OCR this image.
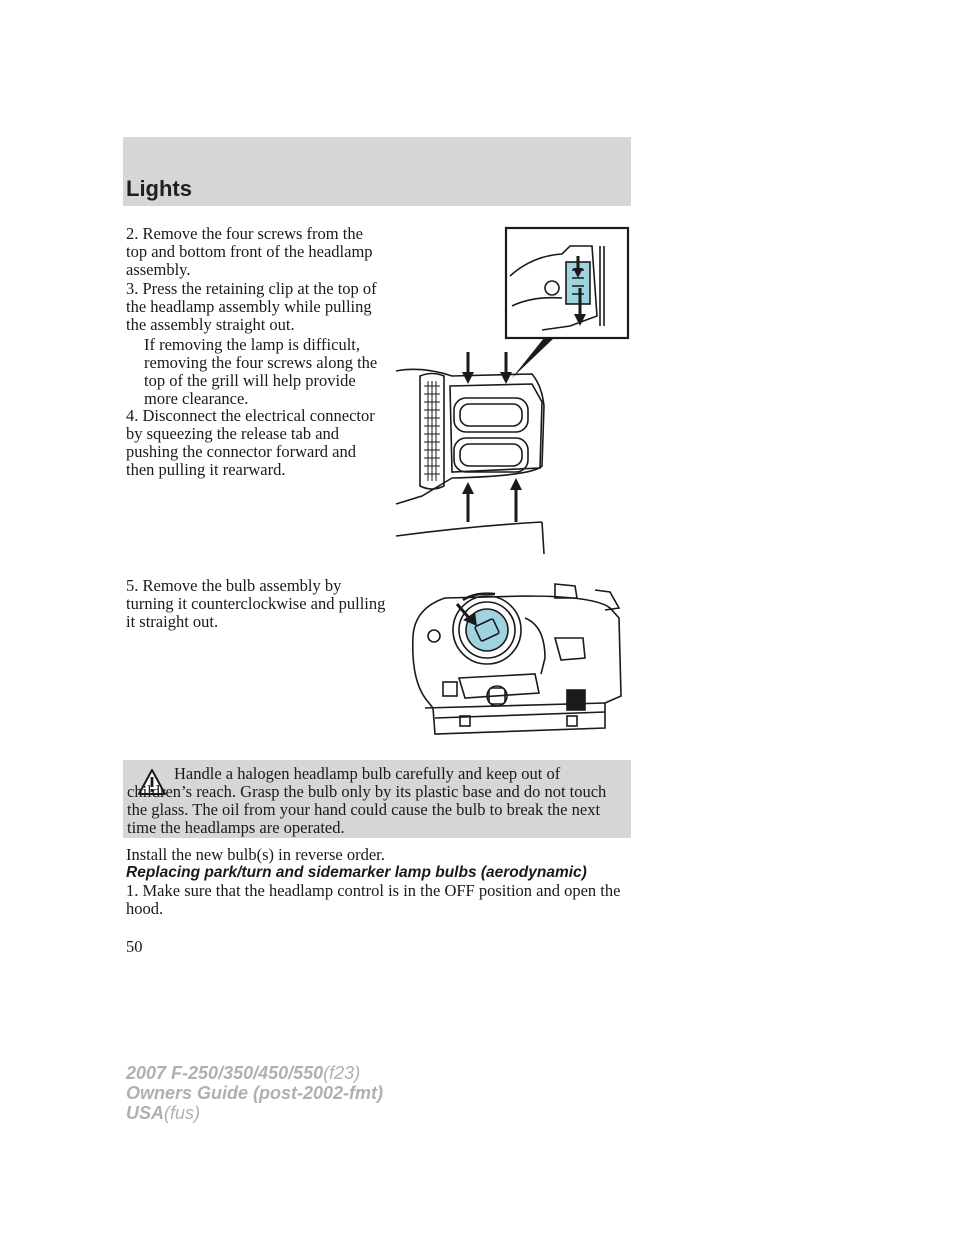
Lights
2. Remove the four screws from the top and bottom front of the headlamp assembly.
3. Press the retaining clip at the top of the headlamp assembly while pulling the assembly straight out.
If removing the lamp is difficult, removing the four screws along the top of the grill will help provide more clearance.
4. Disconnect the electrical connector by squeezing the release tab and pushing the connector forward and then pulling it rearward.
5. Remove the bulb assembly by turning it counterclockwise and pulling it straight out.
Handle a halogen headlamp bulb carefully and keep out of children’s reach. Grasp the bulb only by its plastic base and do not touch the glass. The oil from your hand could cause the bulb to break the next time the headlamps are operated.
Install the new bulb(s) in reverse order.
Replacing park/turn and sidemarker lamp bulbs (aerodynamic)
1. Make sure that the headlamp control is in the OFF position and open the hood.
50
2007 F-250/350/450/550(f23)
Owners Guide (post-2002-fmt)
USA(fus)
